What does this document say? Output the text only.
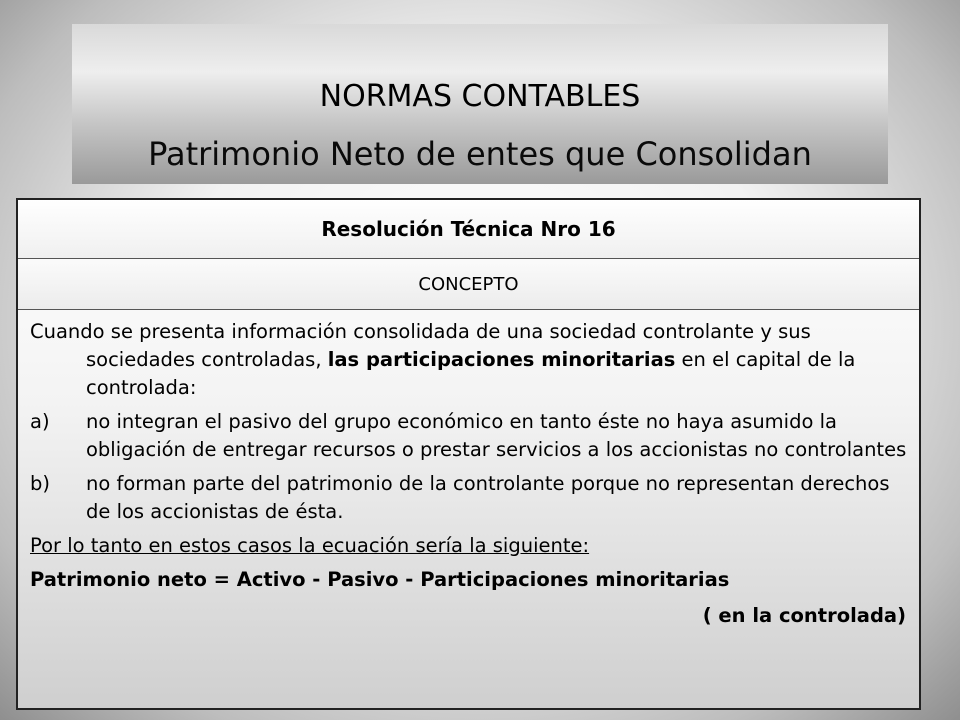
NORMAS CONTABLES
Patrimonio Neto de entes que Consolidan
Resolución Técnica Nro 16
CONCEPTO

Cuando se presenta información consolidada de una sociedad controlante y sus sociedades controladas, las participaciones minoritarias en el capital de la controlada:

a)	no integran el pasivo del grupo económico en tanto éste no haya asumido la obligación de entregar recursos o prestar servicios a los accionistas no controlantes
b)	no forman parte del patrimonio de la controlante porque no representan derechos de los accionistas de ésta.
Por lo tanto en estos casos la ecuación sería la siguiente:
Patrimonio neto = Activo - Pasivo - Participaciones minoritarias
( en la controlada)
